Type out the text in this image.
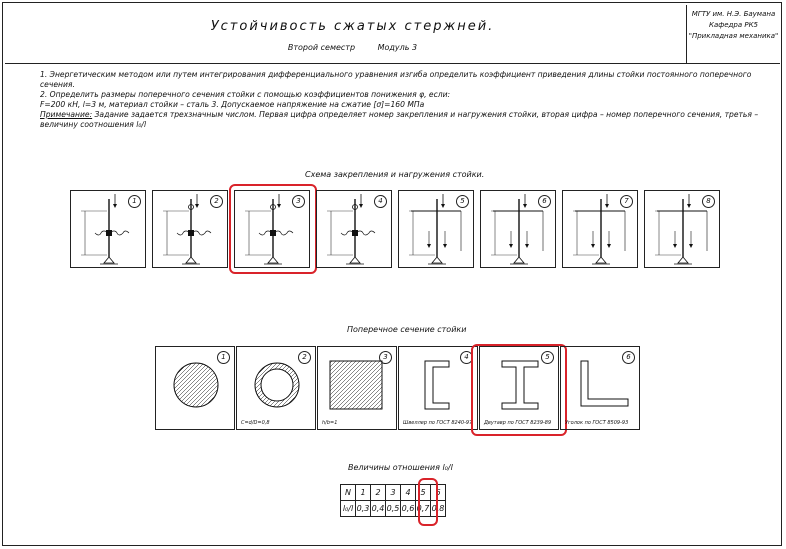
Устойчивость сжатых стержней.
Второй семестр	Модуль 3
МГТУ им. Н.Э. Баумана
Кафедра РК5
"Прикладная механика"

1. Энергетическим методом или путем интегрирования дифференциального уравнения изгиба определить коэффициент приведения длины стойки постоянного поперечного сечения.

2. Определить размеры поперечного сечения стойки с помощью коэффициентов понижения φ, если:

F=200 кН, l=3 м, материал стойки – сталь 3. Допускаемое напряжение на сжатие [σ]=160 МПа

Примечание: Задание задается трехзначным числом. Первая цифра определяет номер закрепления и нагружения стойки, вторая цифра – номер поперечного сечения, третья – величину соотношения l₀/l

Схема закрепления и нагружения стойки.
1	2	3	4	5	6	7	8
Поперечное сечение стойки
1	2
C=d/D=0,8
3
h/b=1
4
Швеллер по ГОСТ 8240-97
5
Двутавр по ГОСТ 8239-89
6
Уголок по ГОСТ 8509-93
Величины отношения l₀/l
N	1	2	3	4	5	6
l₀/l	0,3	0,4	0,5	0,6	0,7	0,8
